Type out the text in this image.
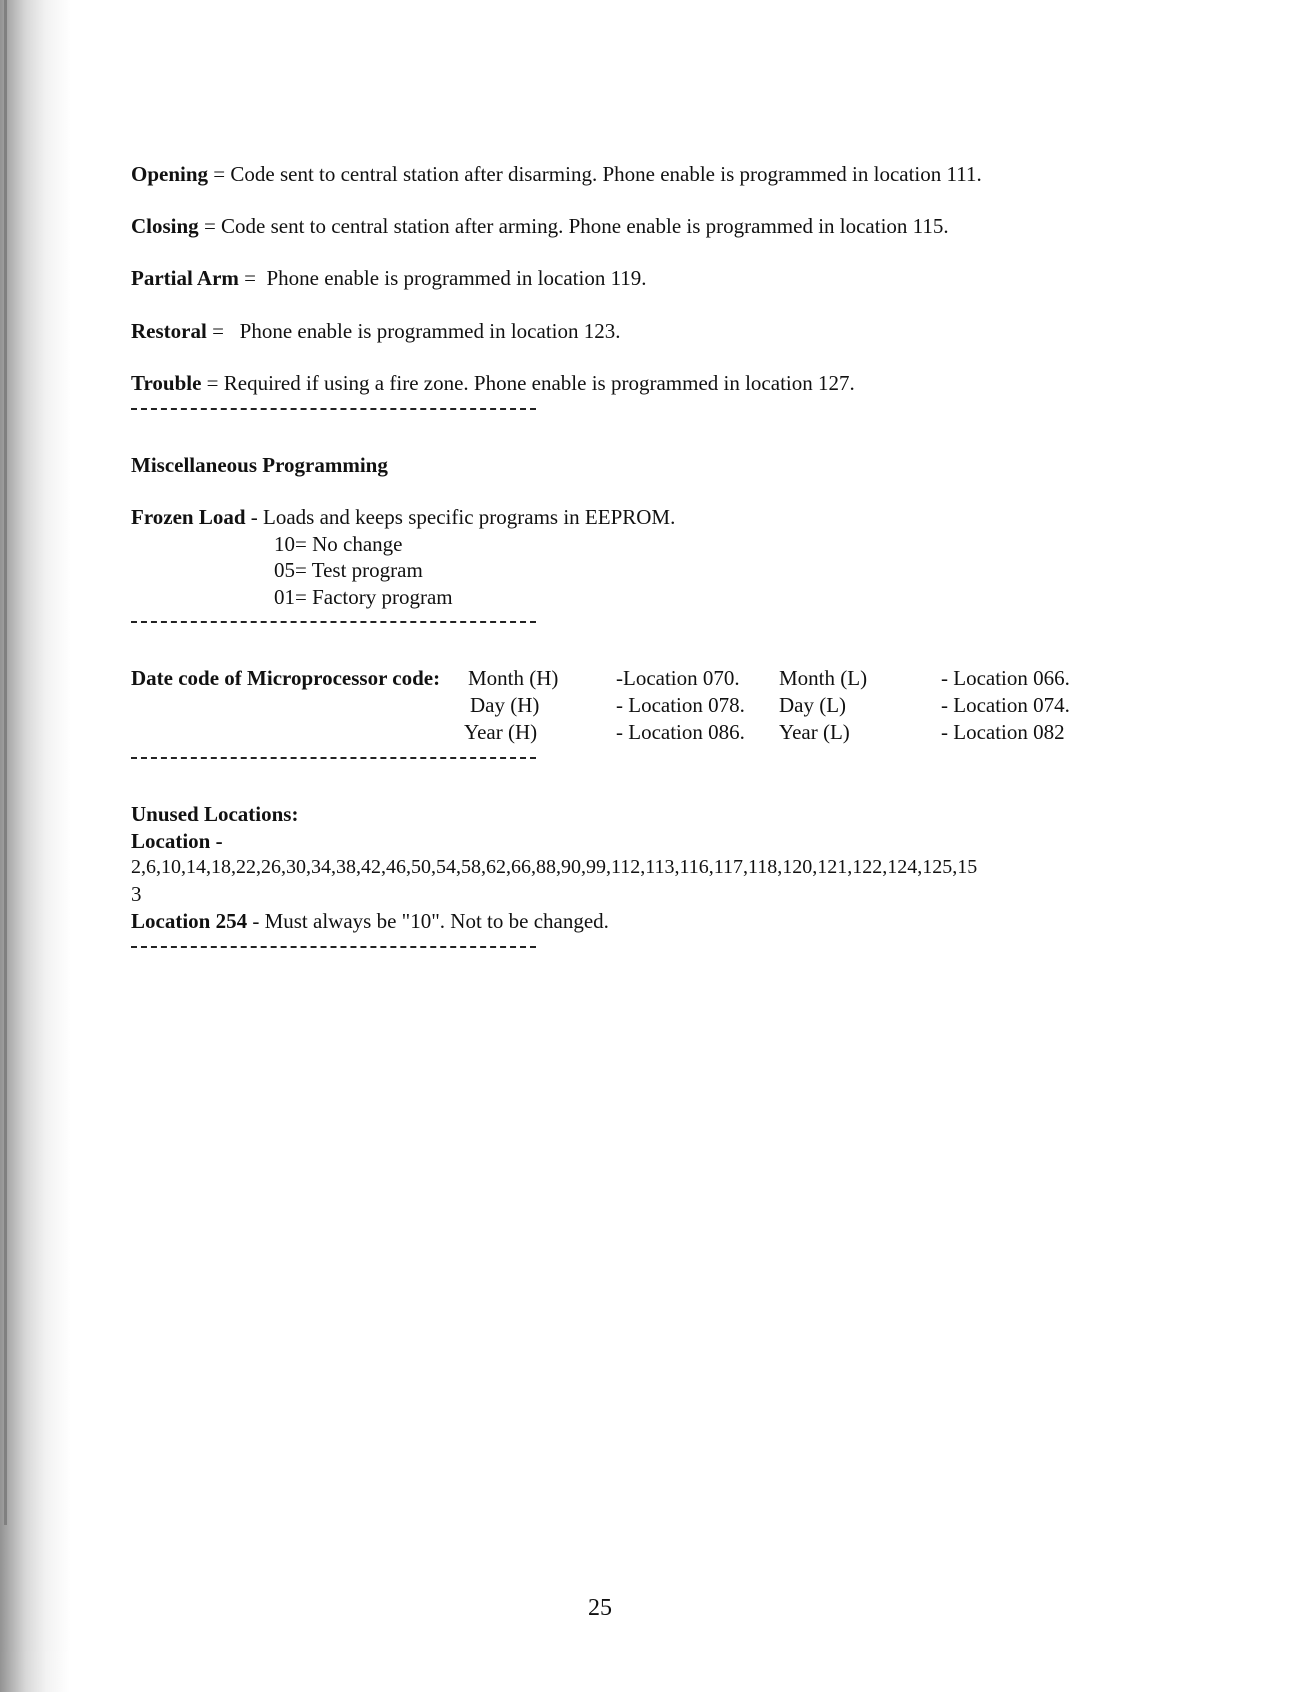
Opening = Code sent to central station after disarming. Phone enable is programmed in location 111.
Closing = Code sent to central station after arming. Phone enable is programmed in location 115.
Partial Arm =  Phone enable is programmed in location 119.
Restoral =   Phone enable is programmed in location 123.
Trouble = Required if using a fire zone. Phone enable is programmed in location 127.
Miscellaneous Programming
Frozen Load - Loads and keeps specific programs in EEPROM.
10= No change
05= Test program
01= Factory program
Date code of Microprocessor code: Month (H)	-Location 070. Month (L)	- Location 066.
Day (H)	- Location 078. Day (L)	- Location 074.
Year (H)	- Location 086. Year (L)	- Location 082
Unused Locations:
Location -
2,6,10,14,18,22,26,30,34,38,42,46,50,54,58,62,66,88,90,99,112,113,116,117,118,120,121,122,124,125,15
3
Location 254 - Must always be "10". Not to be changed.
25
